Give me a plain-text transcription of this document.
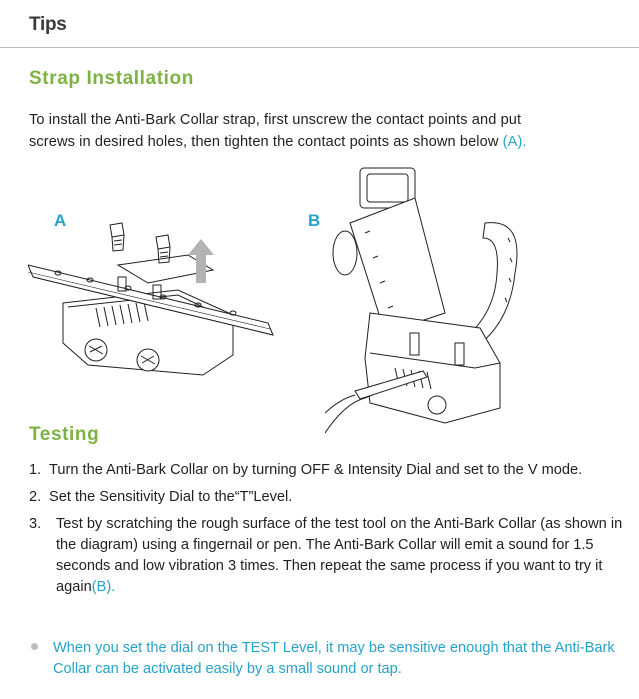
Tips
Strap Installation
To install the Anti-Bark Collar strap, first unscrew the contact points and put
screws in desired holes, then tighten the contact points as shown below (A).
A	B
Testing
1. Turn the Anti-Bark Collar on by turning OFF & Intensity Dial and set to the V mode.
2. Set the Sensitivity Dial to the“T”Level.
3. Test by scratching the rough surface of the test tool on the Anti-Bark Collar (as shown in the diagram) using a fingernail or pen. The Anti-Bark Collar will emit a sound for 1.5 seconds and low vibration 3 times. Then repeat the same process if you want to try it again(B).
When you set the dial on the TEST Level, it may be sensitive enough that the Anti-Bark Collar can be activated easily by a small sound or tap.
